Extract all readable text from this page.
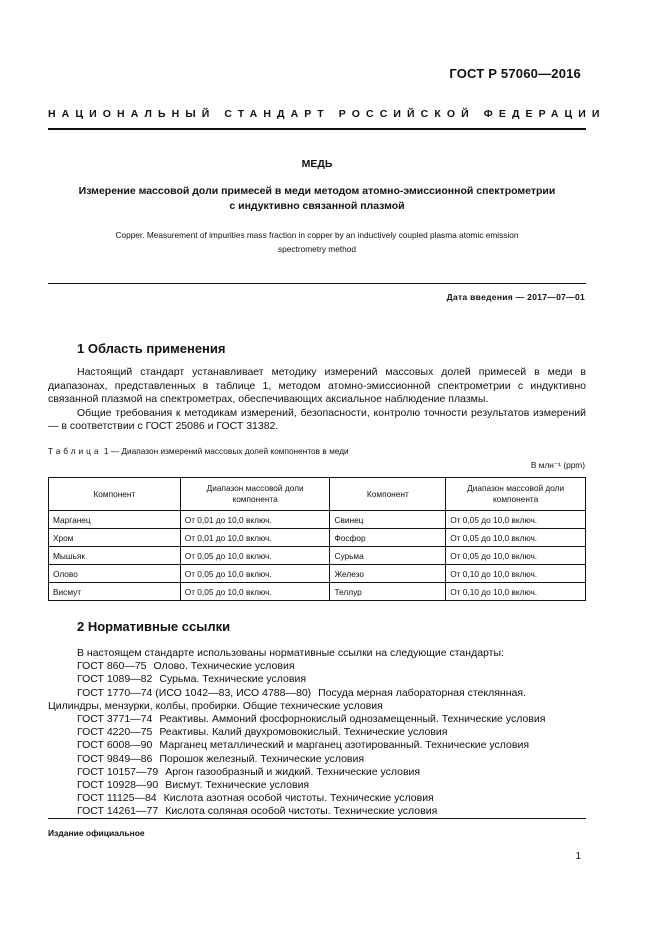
ГОСТ Р 57060—2016
НАЦИОНАЛЬНЫЙ СТАНДАРТ РОССИЙСКОЙ ФЕДЕРАЦИИ
МЕДЬ
Измерение массовой доли примесей в меди методом атомно-эмиссионной спектрометрии
с индуктивно связанной плазмой
Copper. Measurement of impurities mass fraction in copper by an inductively coupled plasma atomic emission
spectrometry method
Дата введения — 2017—07—01
1 Область применения

Настоящий стандарт устанавливает методику измерений массовых долей примесей в меди в диапазонах, представленных в таблице 1, методом атомно-эмиссионной спектрометрии с индуктивно связанной плазмой на спектрометрах, обеспечивающих аксиальное наблюдение плазмы.

Общие требования к методикам измерений, безопасности, контролю точности результатов измерений — в соответствии с ГОСТ 25086 и ГОСТ 31382.

Таблица 1 — Диапазон измерений массовых долей компонентов в меди
В млн⁻¹ (ppm)
Компонент	Диапазон массовой доли компонента	Компонент	Диапазон массовой доли компонента
Марганец	От 0,01 до 10,0 включ.	Свинец	От 0,05 до 10,0 включ.
Хром	От 0,01 до 10,0 включ.	Фосфор	От 0,05 до 10,0 включ.
Мышьяк	От 0,05 до 10,0 включ.	Сурьма	От 0,05 до 10,0 включ.
Олово	От 0,05 до 10,0 включ.	Железо	От 0,10 до 10,0 включ.
Висмут	От 0,05 до 10,0 включ.	Теллур	От 0,10 до 10,0 включ.
2 Нормативные ссылки
В настоящем стандарте использованы нормативные ссылки на следующие стандарты:
ГОСТ 860—75 Олово. Технические условия
ГОСТ 1089—82 Сурьма. Технические условия
ГОСТ 1770—74 (ИСО 1042—83, ИСО 4788—80) Посуда мерная лабораторная стеклянная.
Цилиндры, мензурки, колбы, пробирки. Общие технические условия
ГОСТ 3771—74 Реактивы. Аммоний фосфорнокислый однозамещенный. Технические условия
ГОСТ 4220—75 Реактивы. Калий двухромовокислый. Технические условия
ГОСТ 6008—90 Марганец металлический и марганец азотированный. Технические условия
ГОСТ 9849—86 Порошок железный. Технические условия
ГОСТ 10157—79 Аргон газообразный и жидкий. Технические условия
ГОСТ 10928—90 Висмут. Технические условия
ГОСТ 11125—84 Кислота азотная особой чистоты. Технические условия
ГОСТ 14261—77 Кислота соляная особой чистоты. Технические условия
Издание официальное
1
